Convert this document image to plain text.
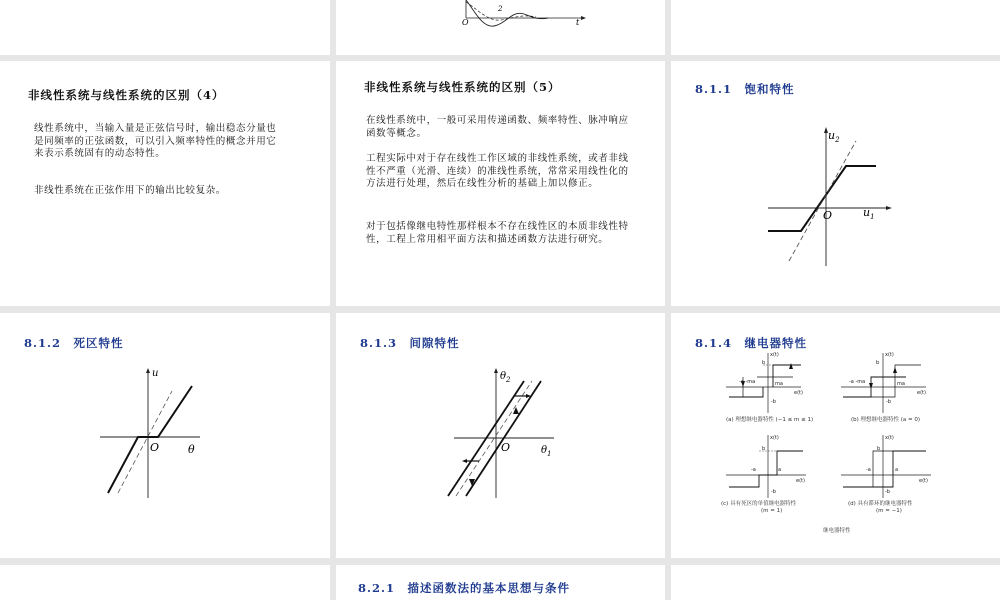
O	t
2
非线性系统与线性系统的区别（4）
线性系统中，当输入量是正弦信号时，输出稳态分量也是同频率的正弦函数，可以引入频率特性的概念并用它来表示系统固有的动态特性。
非线性系统在正弦作用下的输出比较复杂。
非线性系统与线性系统的区别（5）
在线性系统中，一般可采用传递函数、频率特性、脉冲响应函数等概念。
工程实际中对于存在线性工作区域的非线性系统，或者非线性不严重（光滑、连续）的准线性系统，常常采用线性化的方法进行处理，然后在线性分析的基础上加以修正。
对于包括像继电特性那样根本不存在线性区的本质非线性特性，工程上常用相平面方法和描述函数方法进行研究。
8.1.1　饱和特性
$u_2$
$u_1$
O
8.1.2　死区特性
u
O	θ
8.1.3　间隙特性
$\theta_2$
O	$\theta_1$
8.1.4　继电器特性
x(t)
e(t)
b
-b
-a -ma	ma
x(t)
e(t)
b
-b
-a -ma	ma
x(t)
e(t)
b
-b
-a	a
x(t)
e(t)
b
-b
-a	a
(a) 理想继电器特性 (−1 ≤ m ≤ 1)	(b) 理想继电器特性 (a = 0)
(c) 具有死区的单值继电器特性
(m = 1)
(d) 具有滞环的继电器特性
(m = −1)
继电器特性
8.2.1　描述函数法的基本思想与条件
